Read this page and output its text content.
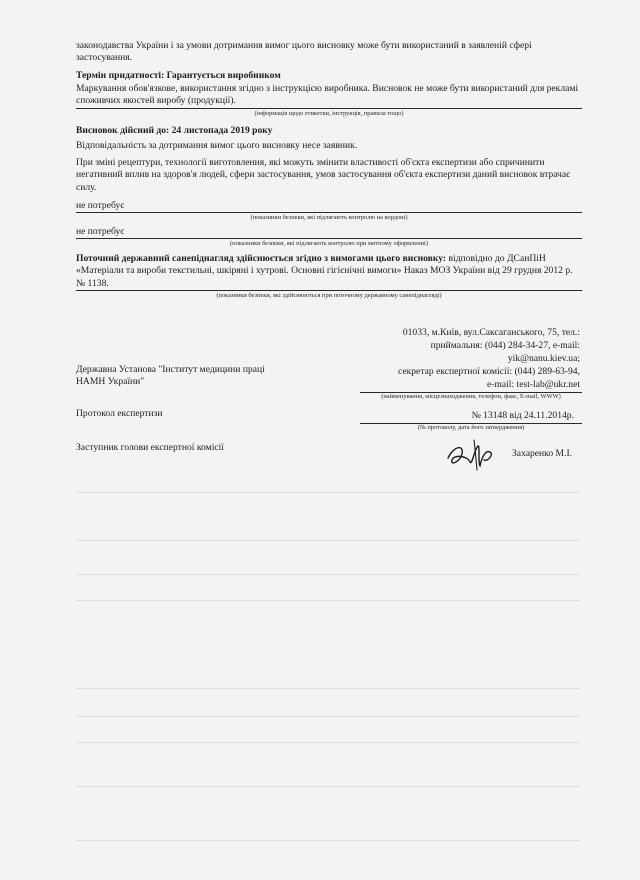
законодавства України і за умови дотримання вимог цього висновку може бути використаний в заявленій сфері застосування.
Термін придатності: Гарантується виробником
Маркування обов'язкове, використання згідно з інструкцією виробника. Висновок не може бути використаний для рекламі споживчих якостей виробу (продукції).
(інформація щодо етикетки, інструкція, правила тощо)
Висновок дійсний до: 24 листопада 2019 року
Відповідальність за дотримання вимог цього висновку несе заявник.
При зміні рецептури, технології виготовлення, які можуть змінити властивості об'єкта експертизи або спричинити негативний вплив на здоров'я людей, сфери застосування, умов застосування об'єкта експертизи даний висновок втрачає силу.
не потребує
(показники безпеки, які підлягають контролю на кордоні)
не потребує
(показники безпеки, які підлягають контролю при митному оформленні)
Поточний державний санепіднагляд здійснюється згідно з вимогами цього висновку: відповідно до ДСанПіН «Матеріали та вироби текстильні, шкіряні і хутрові. Основні гігієнічні вимоги» Наказ МОЗ України від 29 грудня 2012 р. № 1138.
(показники безпеки, які здійснюються при поточному державному санепіднагляді)
01033, м.Київ, вул.Саксаганського, 75, тел.:
приймальня: (044) 284-34-27, e-mail:
yik@nanu.kiev.ua;
секретар експертної комісії: (044) 289-63-94,
e-mail: test-lab@ukr.net
(найменування, місцезнаходження, телефон, факс, E-mail, WWW)
Державна Установа "Інститут медицини праці НАМН України"
Протокол експертизи	№ 13148 від 24.11.2014р.
(№ протоколу, дата його затвердження)
Заступник голови експертної комісії
Захаренко М.І.
